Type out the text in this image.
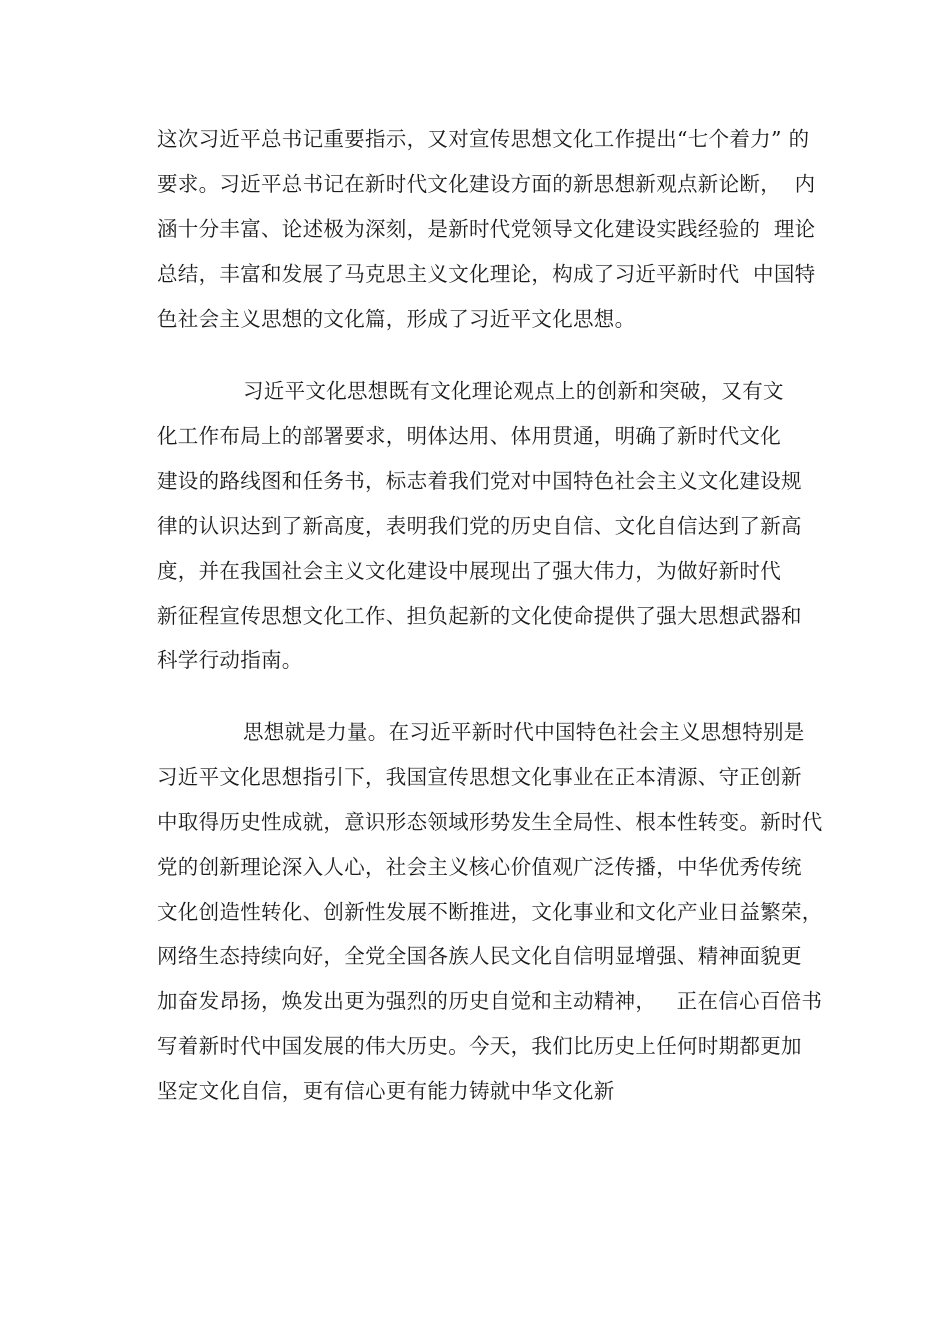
这次习近平总书记重要指示，又对宣传思想文化工作提出“七个着力” 的
要求。习近平总书记在新时代文化建设方面的新思想新观点新论断，  内
涵十分丰富、论述极为深刻，是新时代党领导文化建设实践经验的  理论
总结，丰富和发展了马克思主义文化理论，构成了习近平新时代  中国特
色社会主义思想的文化篇，形成了习近平文化思想。
习近平文化思想既有文化理论观点上的创新和突破，又有文
化工作布局上的部署要求，明体达用、体用贯通，明确了新时代文化
建设的路线图和任务书，标志着我们党对中国特色社会主义文化建设规
律的认识达到了新高度，表明我们党的历史自信、文化自信达到了新高
度，并在我国社会主义文化建设中展现出了强大伟力，为做好新时代
新征程宣传思想文化工作、担负起新的文化使命提供了强大思想武器和
科学行动指南。
思想就是力量。在习近平新时代中国特色社会主义思想特别是
习近平文化思想指引下，我国宣传思想文化事业在正本清源、守正创新
中取得历史性成就，意识形态领域形势发生全局性、根本性转变。新时代
党的创新理论深入人心，社会主义核心价值观广泛传播，中华优秀传统
文化创造性转化、创新性发展不断推进，文化事业和文化产业日益繁荣，
网络生态持续向好，全党全国各族人民文化自信明显增强、精神面貌更
加奋发昂扬，焕发出更为强烈的历史自觉和主动精神，   正在信心百倍书
写着新时代中国发展的伟大历史。今天，我们比历史上任何时期都更加
坚定文化自信，更有信心更有能力铸就中华文化新
